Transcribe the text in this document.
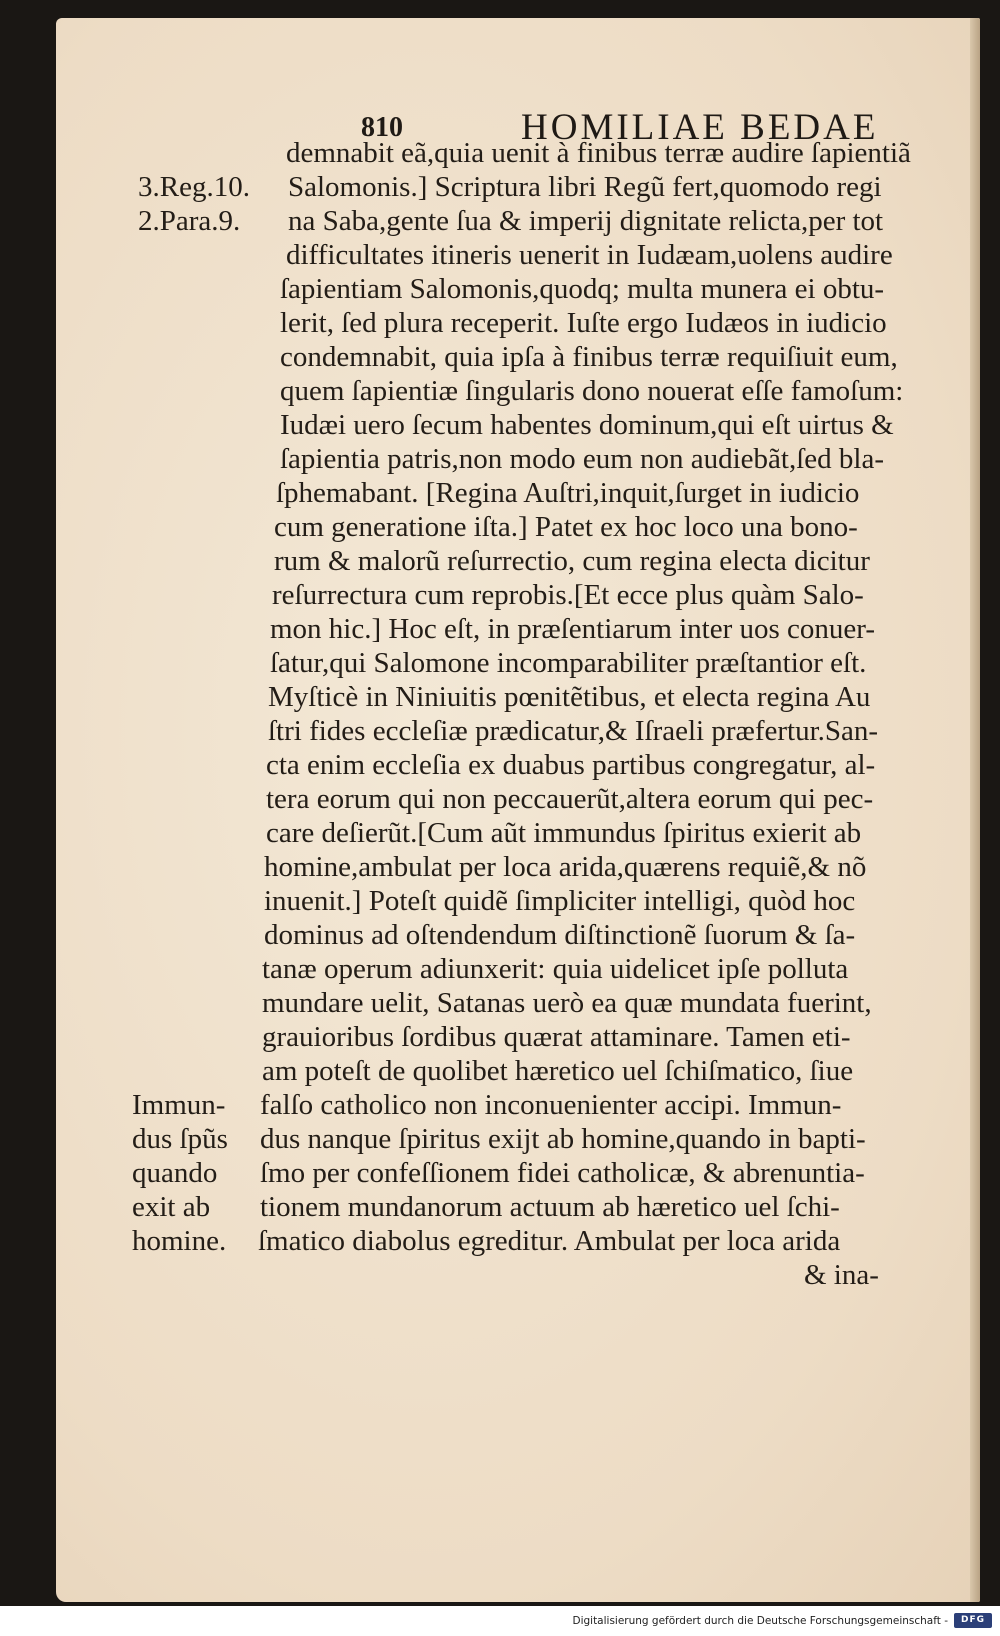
810	HOMILIAE BEDAE
demnabit eã,quia uenit à finibus terræ audire ſapientiã
Salomonis.] Scriptura libri Regũ fert,quomodo regi
na Saba,gente ſua & imperij dignitate relicta,per tot
difficultates itineris uenerit in Iudæam,uolens audire
ſapientiam Salomonis,quodq; multa munera ei obtu-
lerit, ſed plura receperit. Iuſte ergo Iudæos in iudicio
condemnabit, quia ipſa à finibus terræ requiſiuit eum,
quem ſapientiæ ſingularis dono nouerat eſſe famoſum:
Iudæi uero ſecum habentes dominum,qui eſt uirtus &
ſapientia patris,non modo eum non audiebãt,ſed bla-
ſphemabant. [Regina Auſtri,inquit,ſurget in iudicio
cum generatione iſta.] Patet ex hoc loco una bono-
rum & malorũ reſurrectio, cum regina electa dicitur
reſurrectura cum reprobis.[Et ecce plus quàm Salo-
mon hic.] Hoc eſt, in præſentiarum inter uos conuer-
ſatur,qui Salomone incomparabiliter præſtantior eſt.
Myſticè in Niniuitis pœnitẽtibus, et electa regina Au
ſtri fides eccleſiæ prædicatur,& Iſraeli præfertur.San-
cta enim eccleſia ex duabus partibus congregatur, al-
tera eorum qui non peccauerũt,altera eorum qui pec-
care deſierũt.[Cum aũt immundus ſpiritus exierit ab
homine,ambulat per loca arida,quærens requiẽ,& nõ
inuenit.] Poteſt quidẽ ſimpliciter intelligi, quòd hoc
dominus ad oſtendendum diſtinctionẽ ſuorum & ſa-
tanæ operum adiunxerit: quia uidelicet ipſe polluta
mundare uelit, Satanas uerò ea quæ mundata fuerint,
grauioribus ſordibus quærat attaminare. Tamen eti-
am poteſt de quolibet hæretico uel ſchiſmatico, ſiue
falſo catholico non inconuenienter accipi. Immun-
dus nanque ſpiritus exijt ab homine,quando in bapti-
ſmo per confeſſionem fidei catholicæ, & abrenuntia-
tionem mundanorum actuum ab hæretico uel ſchi-
ſmatico diabolus egreditur. Ambulat per loca arida
& ina-
3.Reg.10.
2.Para.9.
Immun-
dus ſpũs
quando
exit ab
homine.
Digitalisierung gefördert durch die Deutsche Forschungsgemeinschaft -	DFG
